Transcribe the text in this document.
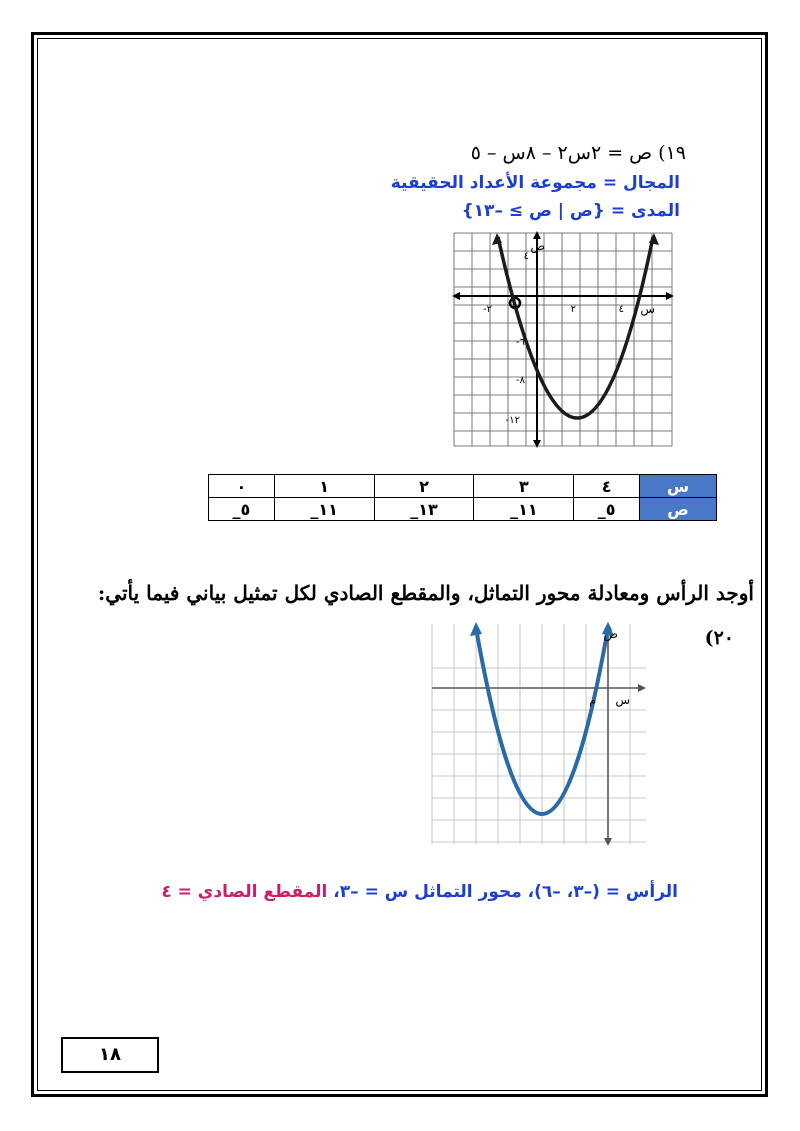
١٩) ص = ٢س٢ – ٨س – ٥
المجال = مجموعة الأعداد الحقيقية
المدى = {ص | ص ≥ –١٣}
ص
س
٤
٢-	٢	٤
٦-
٨-
١٢-
س	٤	٣	٢	١	٠
ص	٥_	١١_	١٣_	١١_	٥_
أوجد الرأس ومعادلة محور التماثل، والمقطع الصادي لكل تمثيل بياني فيما يأتي:
٢٠)
ص
س
م
الرأس = (–٣، –٦)، محور التماثل س = –٣، المقطع الصادي = ٤
١٨
